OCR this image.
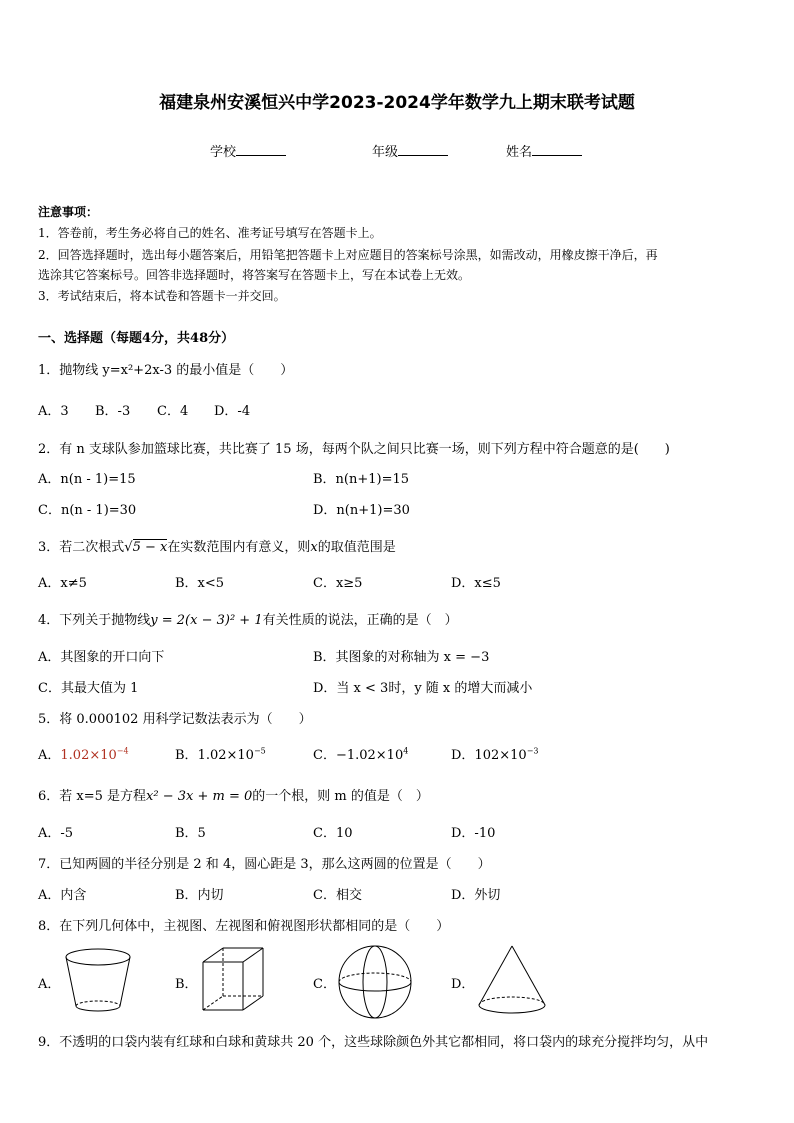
福建泉州安溪恒兴中学2023-2024学年数学九上期末联考试题
学校	年级	姓名
注意事项：
1．答卷前，考生务必将自己的姓名、准考证号填写在答题卡上。
2．回答选择题时，选出每小题答案后，用铅笔把答题卡上对应题目的答案标号涂黑，如需改动，用橡皮擦干净后，再
选涂其它答案标号。回答非选择题时，将答案写在答题卡上，写在本试卷上无效。
3．考试结束后，将本试卷和答题卡一并交回。
一、选择题（每题4分，共48分）
1．抛物线 y=x²+2x-3 的最小值是（　　）
A．3 B．-3 C．4 D．-4
2．有 n 支球队参加篮球比赛，共比赛了 15 场，每两个队之间只比赛一场，则下列方程中符合题意的是(　　)
A．n(n - 1)=15	B．n(n+1)=15
C．n(n - 1)=30	D．n(n+1)=30
3．若二次根式√5 − x在实数范围内有意义，则x的取值范围是
A．x≠5	B．x<5	C．x≥5	D．x≤5
4．下列关于抛物线y = 2(x − 3)² + 1有关性质的说法，正确的是（　）
A．其图象的开口向下	B．其图象的对称轴为 x = −3
C．其最大值为 1	D．当 x < 3时，y 随 x 的增大而减小
5．将 0.000102 用科学记数法表示为（　　）
A．$1.02\times 10^{-4}$	B．$1.02\times 10^{-5}$	C．$-1.02\times 10^4$	D．$102\times 10^{-3}$
6．若 x=5 是方程x² − 3x + m = 0的一个根，则 m 的值是（　）
A．-5	B．5	C．10	D．-10
7．已知两圆的半径分别是 2 和 4，圆心距是 3，那么这两圆的位置是（　　）
A．内含	B．内切	C．相交	D．外切
8．在下列几何体中，主视图、左视图和俯视图形状都相同的是（　　）
A．	B．	C．	D．
9．不透明的口袋内装有红球和白球和黄球共 20 个，这些球除颜色外其它都相同，将口袋内的球充分搅拌均匀，从中
